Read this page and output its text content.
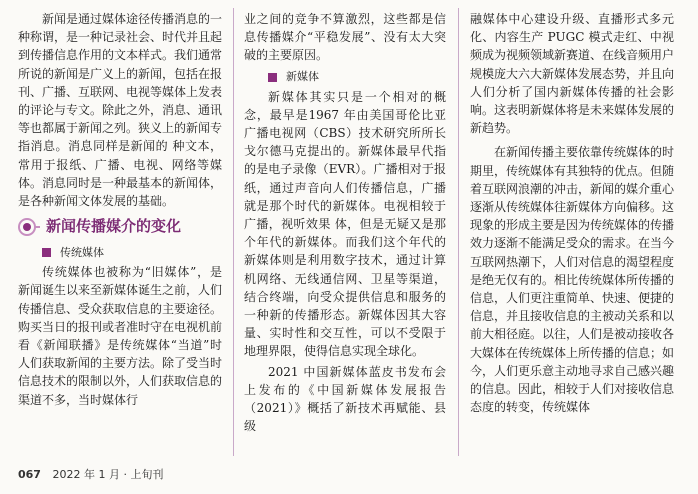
新闻是通过媒体途径传播消息的一种称谓，是一种记录社会、时代并且起到传播信息作用的文本样式。我们通常所说的新闻是广义上的新闻，包括在报刊、广播、互联网、电视等媒体上发表的评论与专文。除此之外，消息、通讯等也都属于新闻之列。狭义上的新闻专指消息。消息同样是新闻的 种文本，常用于报纸、广播、电视、网络等媒体。消息同时是一种最基本的新闻体，是各种新闻文体发展的基础。

新闻传播媒介的变化
传统媒体

传统媒体也被称为“旧媒体”，是新闻诞生以来至新媒体诞生之前，人们传播信息、受众获取信息的主要途径。购买当日的报刊或者准时守在电视机前看《新闻联播》是传统媒体“当道”时人们获取新闻的主要方法。除了受当时信息技术的限制以外，人们获取信息的渠道不多，当时媒体行

业之间的竞争不算激烈，这些都是信息传播媒介“平稳发展”、没有太大突破的主要原因。

新媒体

新媒体其实只是一个相对的概念，最早是1967 年由美国哥伦比亚广播电视网（CBS）技术研究所所长戈尔德马克提出的。新媒体最早代指的是电子录像（EVR）。广播相对于报纸，通过声音向人们传播信息，广播就是那个时代的新媒体。电视相较于广播，视听效果 体，但是无疑又是那个年代的新媒体。而我们这个年代的新媒体则是利用数字技术，通过计算机网络、无线通信网、卫星等渠道，结合终端，向受众提供信息和服务的一种新的传播形态。新媒体因其大容量、实时性和交互性，可以不受限于地理界限，使得信息实现全球化。

2021 中国新媒体蓝皮书发布会上发布的《中国新媒体发展报告（2021）》概括了新技术再赋能、县级

融媒体中心建设升级、直播形式多元化、内容生产 PUGC 模式走红、中视频成为视频领域新赛道、在线音频用户规模庞大六大新媒体发展态势，并且向人们分析了国内新媒体传播的社会影响。这表明新媒体将是未来媒体发展的新趋势。

在新闻传播主要依靠传统媒体的时期里，传统媒体有其独特的优点。但随着互联网浪潮的冲击，新闻的媒介重心逐渐从传统媒体往新媒体方向偏移。这 现象的形成主要是因为传统媒体的传播效力逐渐不能满足受众的需求。在当今互联网热潮下，人们对信息的渴望程度是绝无仅有的。相比传统媒体所传播的信息，人们更注重简单、快速、便捷的信息，并且接收信息的主被动关系和以前大相径庭。以往，人们是被动接收各大媒体在传统媒体上所传播的信息；如今，人们更乐意主动地寻求自己感兴趣的信息。因此，相较于人们对接收信息态度的转变，传统媒体

067 2022 年 1 月 · 上旬刊
